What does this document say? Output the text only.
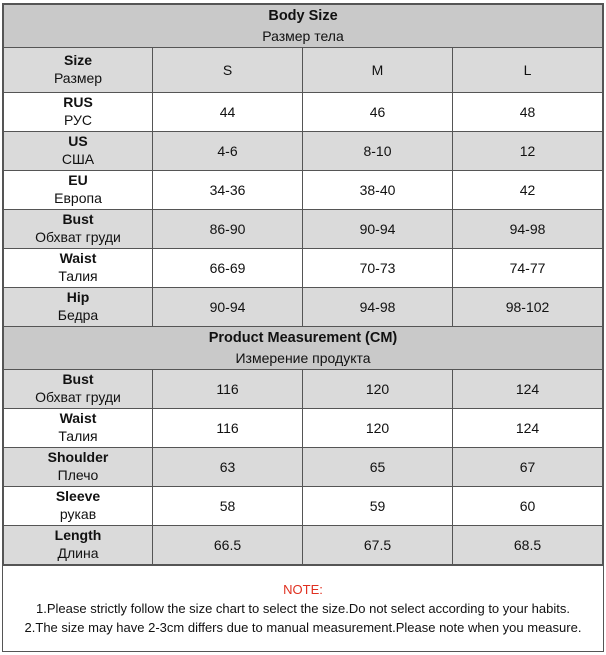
Body Size
Размер тела			

Size
Размер	S	M	L

RUS
РУС	44	46	48

US
США	4-6	8-10	12

EU
Европа	34-36	38-40	42

Bust
Обхват груди	86-90	90-94	94-98

Waist
Талия	66-69	70-73	74-77

Hip
Бедра	90-94	94-98	98-102

Product Measurement (CM)
Измерение продукта			

Bust
Обхват груди	116	120	124

Waist
Талия	116	120	124

Shoulder
Плечо	63	65	67

Sleeve
рукав	58	59	60

Length
Длина	66.5	67.5	68.5
NOTE:
1.Please strictly follow the size chart to select the size.Do not select according to your habits.
2.The size may have 2-3cm differs due to manual measurement.Please note when you measure.
